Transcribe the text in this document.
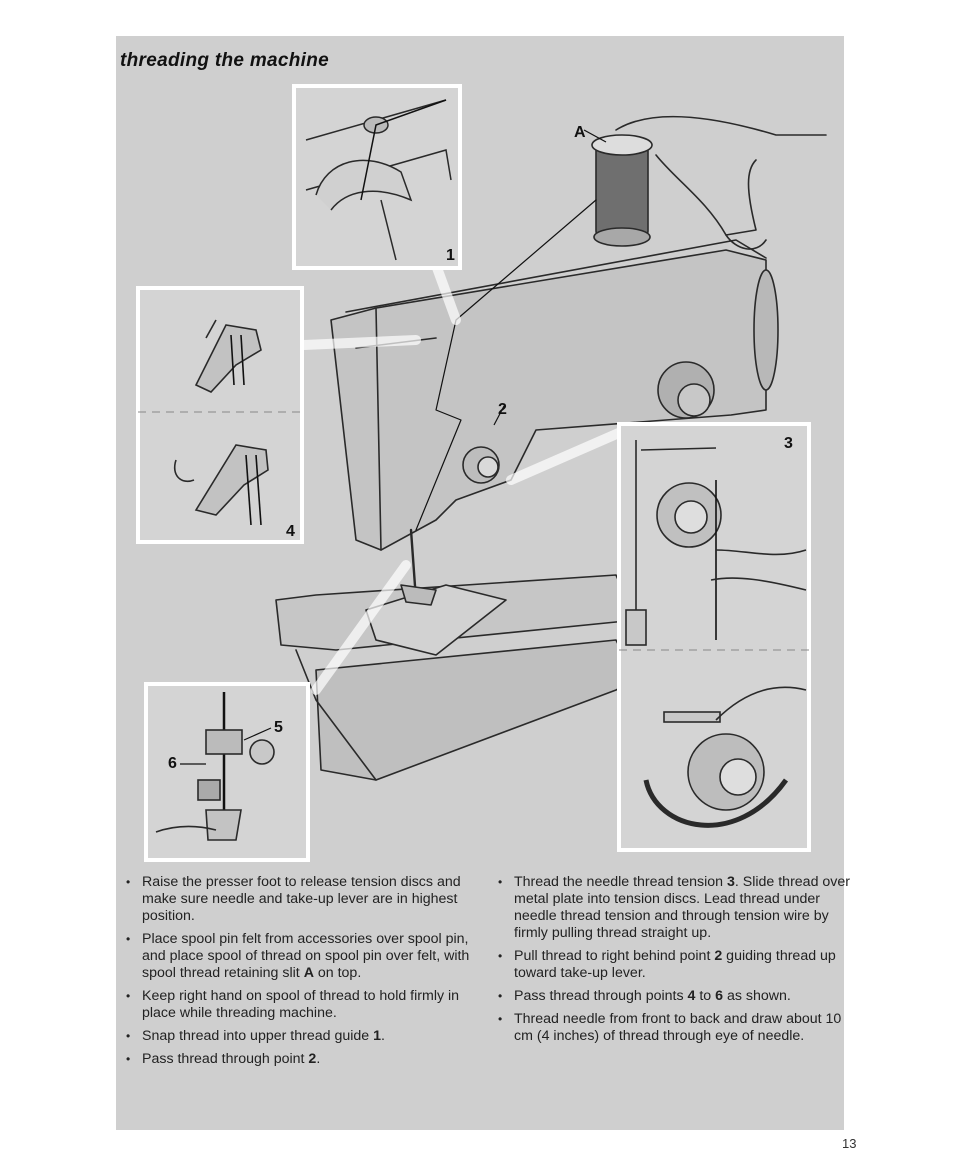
threading the machine
A
1
2
3
4
5
6
• Raise the presser foot to release tension discs and make sure needle and take-up lever are in highest position.
• Place spool pin felt from accessories over spool pin, and place spool of thread on spool pin over felt, with spool thread retaining slit A on top.
• Keep right hand on spool of thread to hold firmly in place while threading machine.
• Snap thread into upper thread guide 1.
• Pass thread through point 2.
• Thread the needle thread tension 3. Slide thread over metal plate into tension discs. Lead thread under needle thread tension and through tension wire by firmly pulling thread straight up.
• Pull thread to right behind point 2 guiding thread up toward take-up lever.
• Pass thread through points 4 to 6 as shown.
• Thread needle from front to back and draw about 10 cm (4 inches) of thread through eye of needle.
13
